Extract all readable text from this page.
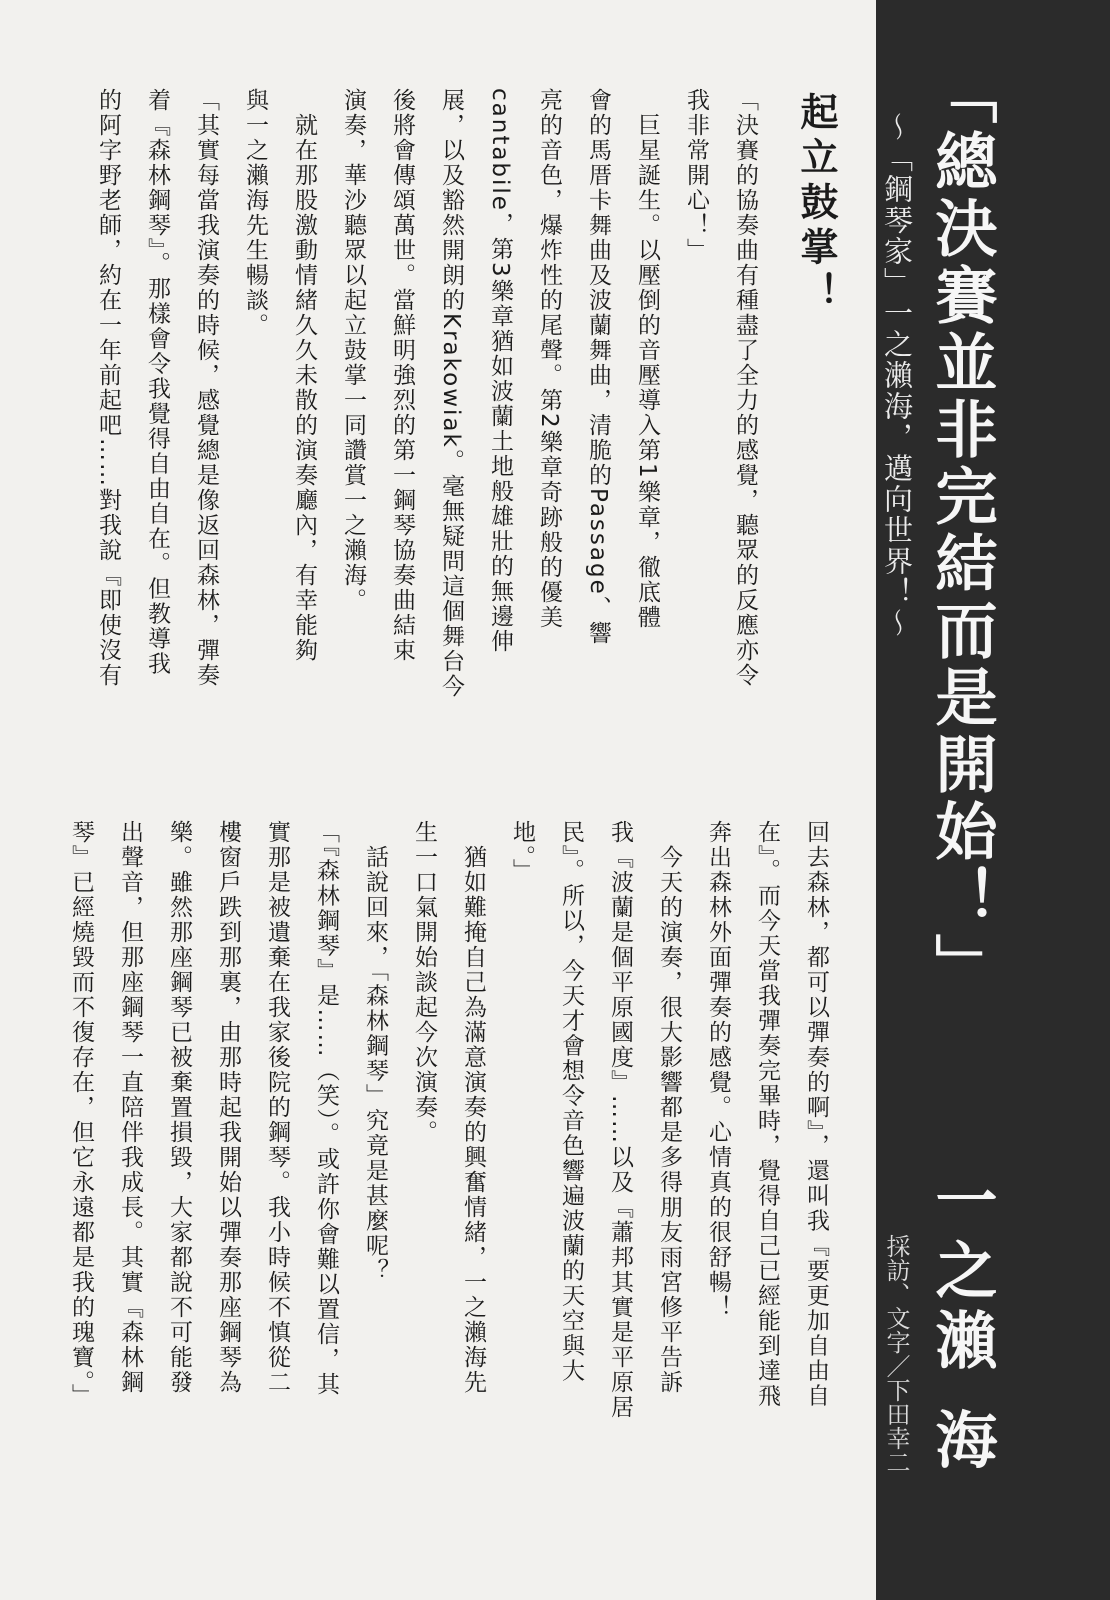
「總決賽並非完結而是開始！」
～「鋼琴家」一之瀨海，邁向世界！～
一之瀨 海
採訪、文字／下田幸二
起立鼓掌！
「決賽的協奏曲有種盡了全力的感覺，聽眾的反應亦令
我非常開心！」
　巨星誕生。以壓倒的音壓導入第1樂章，徹底體
會的馬厝卡舞曲及波蘭舞曲，清脆的Passage、響
亮的音色，爆炸性的尾聲。第2樂章奇跡般的優美
cantabile，第3樂章猶如波蘭土地般雄壯的無邊伸
展，以及豁然開朗的Krakowiak。毫無疑問這個舞台今
後將會傳頌萬世。當鮮明強烈的第一鋼琴協奏曲結束
演奏，華沙聽眾以起立鼓掌一同讚賞一之瀨海。
　就在那股激動情緒久久未散的演奏廳內，有幸能夠
與一之瀨海先生暢談。
「其實每當我演奏的時候，感覺總是像返回森林，彈奏
着『森林鋼琴』。那樣會令我覺得自由自在。但教導我
的阿字野老師，約在一年前起吧……對我說『即使沒有
回去森林，都可以彈奏的啊』，還叫我『要更加自由自
在』。而今天當我彈奏完畢時，覺得自己已經能到達飛
奔出森林外面彈奏的感覺。心情真的很舒暢！
　今天的演奏，很大影響都是多得朋友雨宮修平告訴
我『波蘭是個平原國度』……以及『蕭邦其實是平原居
民』。所以，今天才會想令音色響遍波蘭的天空與大
地。」
　猶如難掩自己為滿意演奏的興奮情緒，一之瀨海先
生一口氣開始談起今次演奏。
　話說回來，「森林鋼琴」究竟是甚麼呢？
「『森林鋼琴』是……（笑）。或許你會難以置信，其
實那是被遺棄在我家後院的鋼琴。我小時候不慎從二
樓窗戶跌到那裏，由那時起我開始以彈奏那座鋼琴為
樂。雖然那座鋼琴已被棄置損毀，大家都說不可能發
出聲音，但那座鋼琴一直陪伴我成長。其實『森林鋼
琴』已經燒毀而不復存在，但它永遠都是我的瑰寶。」
